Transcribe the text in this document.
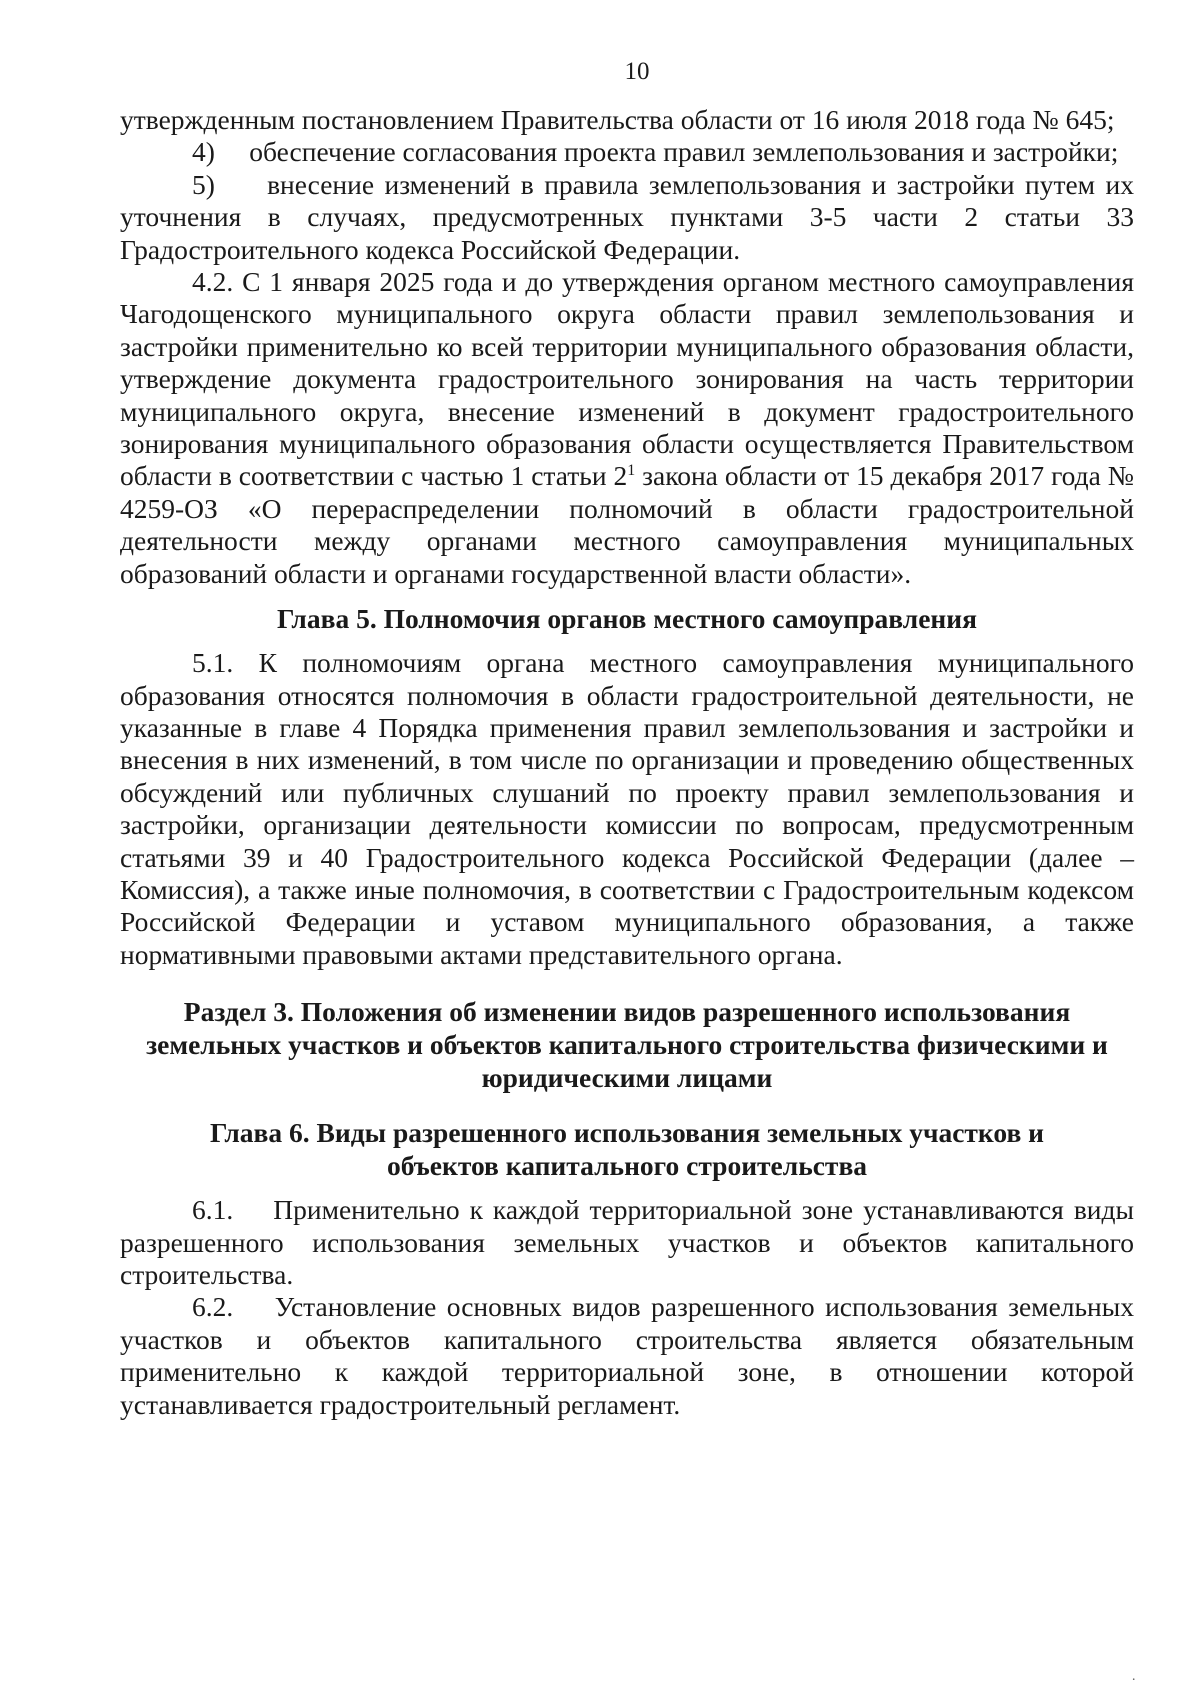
10

утвержденным постановлением Правительства области от 16 июля 2018 года № 645;

4)     обеспечение согласования проекта правил землепользования и застройки;

5)     внесение изменений в правила землепользования и застройки путем их уточнения в случаях, предусмотренных пунктами 3-5 части 2 статьи 33 Градостроительного кодекса Российской Федерации.

4.2. С 1 января 2025 года и до утверждения органом местного самоуправления Чагодощенского муниципального округа области правил землепользования и застройки применительно ко всей территории муниципального образования области, утверждение документа градостроительного зонирования на часть территории муниципального округа, внесение изменений в документ градостроительного зонирования муниципального образования области осуществляется Правительством области в соответствии с частью 1 статьи $2^1$ закона области от 15 декабря 2017 года № 4259-ОЗ «О перераспределении полномочий в области градостроительной деятельности между органами местного самоуправления муниципальных образований области и органами государственной власти области».

Глава 5. Полномочия органов местного самоуправления

5.1. К полномочиям органа местного самоуправления муниципального образования относятся полномочия в области градостроительной деятельности, не указанные в главе 4 Порядка применения правил землепользования и застройки и внесения в них изменений, в том числе по организации и проведению общественных обсуждений или публичных слушаний по проекту правил землепользования и застройки, организации деятельности комиссии по вопросам, предусмотренным статьями 39 и 40 Градостроительного кодекса Российской Федерации (далее – Комиссия), а также иные полномочия, в соответствии с Градостроительным кодексом Российской Федерации и уставом муниципального образования, а также нормативными правовыми актами представительного органа.

Раздел 3. Положения об изменении видов разрешенного использования земельных участков и объектов капитального строительства физическими и юридическими лицами
Глава 6. Виды разрешенного использования земельных участков и объектов капитального строительства

6.1.    Применительно к каждой территориальной зоне устанавливаются виды разрешенного использования земельных участков и объектов капитального строительства.

6.2.    Установление основных видов разрешенного использования земельных участков и объектов капитального строительства является обязательным применительно к каждой территориальной зоне, в отношении которой устанавливается градостроительный регламент.

·
